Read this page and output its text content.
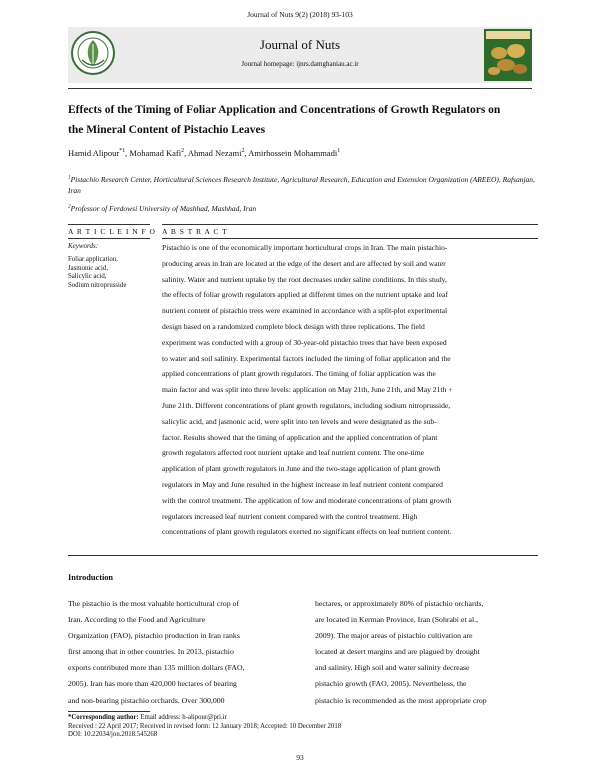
Journal of Nuts 9(2) (2018) 93-103
Journal of Nuts
Journal homepage: ijnrs.damghaniau.ac.ir
Effects of the Timing of Foliar Application and Concentrations of Growth Regulators on
the Mineral Content of Pistachio Leaves
Hamid Alipour$^{*1}$, Mohamad Kafi$^2$, Ahmad Nezami$^2$, Amirhossein Mohammadi$^1$
$^1$Pistachio Research Center, Horticultural Sciences Research Institute, Agricultural Research, Education and Extension Organization (AREEO), Rafsanjan, Iran
$^2$Professor of Ferdowsi University of Mashhad, Mashhad, Iran
A R T I C L E I N F O
Keywords:
Foliar application,
Jasmonic acid,
Salicylic acid,
Sodium nitroprusside
A B S T R A C T
Pistachio is one of the economically important horticultural crops in Iran. The main pistachio-
producing areas in Iran are located at the edge of the desert and are affected by soil and water
salinity. Water and nutrient uptake by the root decreases under saline conditions. In this study,
the effects of foliar growth regulators applied at different times on the nutrient uptake and leaf
nutrient content of pistachio trees were examined in accordance with a split-plot experimental
design based on a randomized complete block design with three replications. The field
experiment was conducted with a group of 30-year-old pistachio trees that have been exposed
to water and soil salinity. Experimental factors included the timing of foliar application and the
applied concentrations of plant growth regulators. The timing of foliar application was the
main factor and was split into three levels: application on May 21th, June 21th, and May 21th +
June 21th. Different concentrations of plant growth regulators, including sodium nitroprusside,
salicylic acid, and jasmonic acid, were split into ten levels and were designated as the sub-
factor. Results showed that the timing of application and the applied concentration of plant
growth regulators affected root nutrient uptake and leaf nutrient content. The one-time
application of plant growth regulators in June and the two-stage application of plant growth
regulators in May and June resulted in the highest increase in leaf nutrient content compared
with the control treatment. The application of low and moderate concentrations of plant growth
regulators increased leaf nutrient content compared with the control treatment. High
concentrations of plant growth regulators exerted no significant effects on leaf nutrient content.
Introduction
The pistachio is the most valuable horticultural crop of
Iran. According to the Food and Agriculture
Organization (FAO), pistachio production in Iran ranks
first among that in other countries. In 2013, pistachio
exports contributed more than 135 million dollars (FAO,
2005). Iran has more than 420,000 hectares of bearing
and non-bearing pistachio orchards. Over 300,000
hectares, or approximately 80% of pistachio orchards,
are located in Kerman Province, Iran (Sohrabi et al.,
2009). The major areas of pistachio cultivation are
located at desert margins and are plagued by drought
and salinity. High soil and water salinity decrease
pistachio growth (FAO, 2005). Nevertheless, the
pistachio is recommended as the most appropriate crop
*Corresponding author: Email address: h-alipour@pri.ir
Received : 22 April 2017; Received in revised form: 12 January 2018; Accepted: 10 December 2018
DOI: 10.22034/jon.2018.545268
93
